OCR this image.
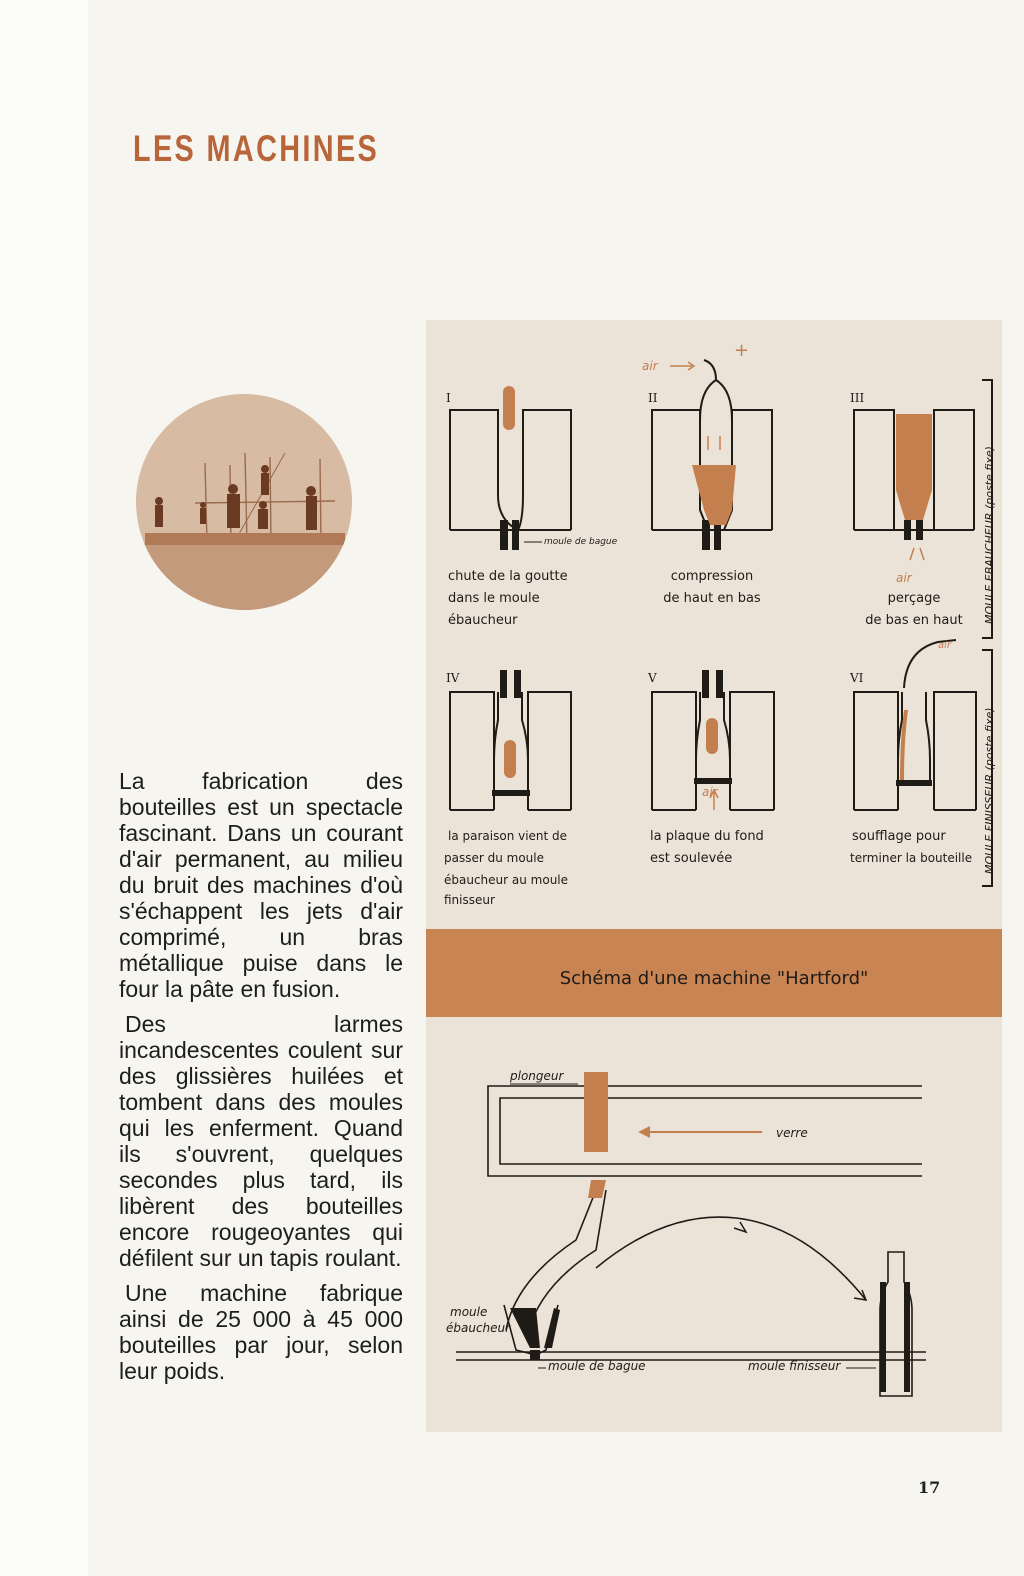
LES MACHINES

La fabrication des bouteilles est un spectacle fascinant. Dans un courant d'air permanent, au milieu du bruit des machines d'où s'échappent les jets d'air comprimé, un bras métallique puise dans le four la pâte en fusion.

Des larmes incandescentes coulent sur des glissières huilées et tombent dans des moules qui les enferment. Quand ils s'ouvrent, quelques secondes plus tard, ils libèrent des bouteilles encore rougeoyantes qui défilent sur un tapis roulant.

Une machine fabrique ainsi de 25 000 à 45 000 bouteilles par jour, selon leur poids.

I	II	III
IV	V	VI
chute de la goutte
dans le moule
ébaucheur
compression
de haut en bas	perçage
de bas en haut
la paraison vient de
passer du moule
ébaucheur au moule
finisseur
la plaque du fond
est soulevée
soufflage pour
terminer la bouteille
moule de bague
air
air
air
air
+
MOULE EBAUCHEUR (poste fixe)
MOULE FINISSEUR (poste fixe)
Schéma d'une machine "Hartford"
plongeur
verre
moule
ébaucheur
moule de bague	moule finisseur
17
